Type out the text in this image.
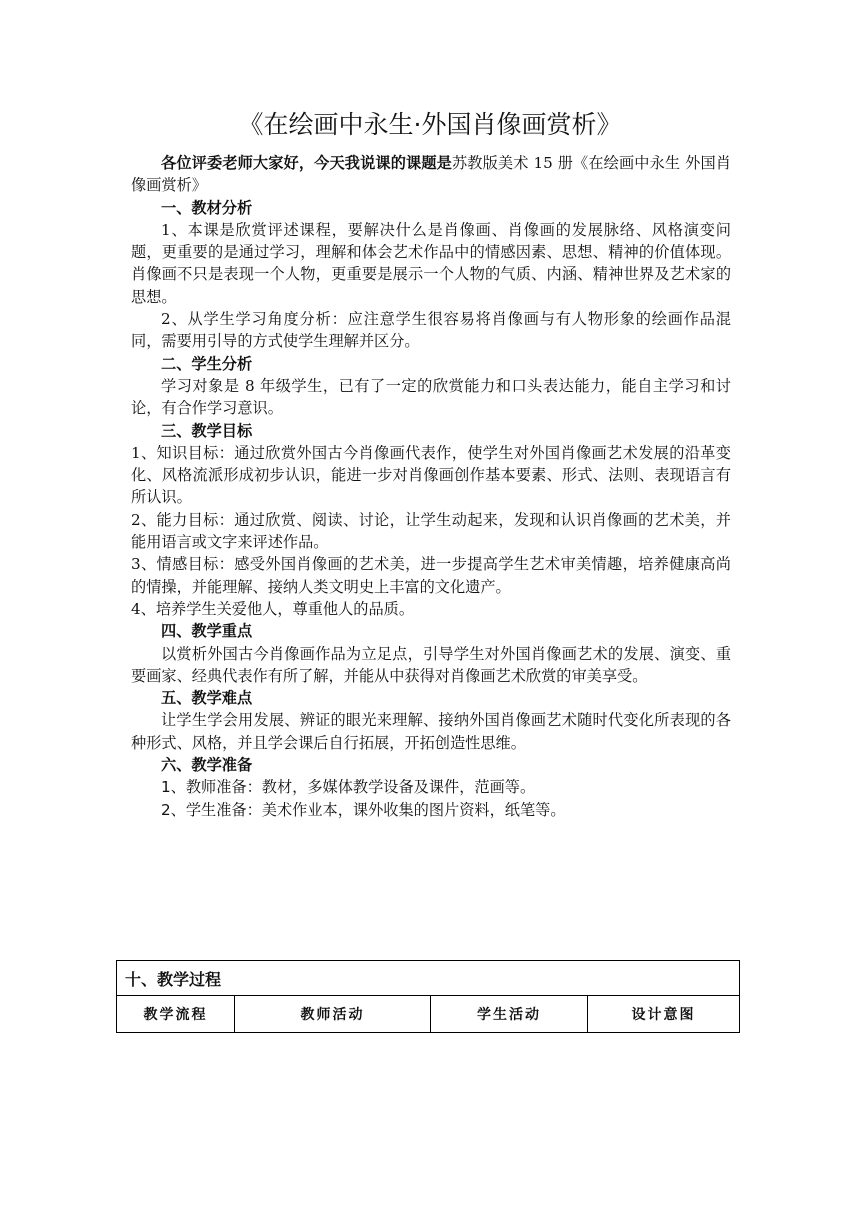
《在绘画中永生·外国肖像画赏析》

各位评委老师大家好，今天我说课的课题是苏教版美术 15 册《在绘画中永生 外国肖像画赏析》

一、教材分析

1、本课是欣赏评述课程，要解决什么是肖像画、肖像画的发展脉络、风格演变问题，更重要的是通过学习，理解和体会艺术作品中的情感因素、思想、精神的价值体现。肖像画不只是表现一个人物，更重要是展示一个人物的气质、内涵、精神世界及艺术家的思想。

2、从学生学习角度分析：应注意学生很容易将肖像画与有人物形象的绘画作品混同，需要用引导的方式使学生理解并区分。

二、学生分析

学习对象是 8 年级学生，已有了一定的欣赏能力和口头表达能力，能自主学习和讨论，有合作学习意识。

三、教学目标

1、知识目标：通过欣赏外国古今肖像画代表作，使学生对外国肖像画艺术发展的沿革变化、风格流派形成初步认识，能进一步对肖像画创作基本要素、形式、法则、表现语言有所认识。

2、能力目标：通过欣赏、阅读、讨论，让学生动起来，发现和认识肖像画的艺术美，并能用语言或文字来评述作品。

3、情感目标：感受外国肖像画的艺术美，进一步提高学生艺术审美情趣，培养健康高尚的情操，并能理解、接纳人类文明史上丰富的文化遗产。

4、培养学生关爱他人，尊重他人的品质。

四、教学重点

以赏析外国古今肖像画作品为立足点，引导学生对外国肖像画艺术的发展、演变、重要画家、经典代表作有所了解，并能从中获得对肖像画艺术欣赏的审美享受。

五、教学难点

让学生学会用发展、辨证的眼光来理解、接纳外国肖像画艺术随时代变化所表现的各种形式、风格，并且学会课后自行拓展，开拓创造性思维。

六、教学准备

1、教师准备：教材，多媒体教学设备及课件，范画等。

2、学生准备：美术作业本，课外收集的图片资料，纸笔等。

十、教学过程
教学流程	教师活动	学生活动	设计意图
